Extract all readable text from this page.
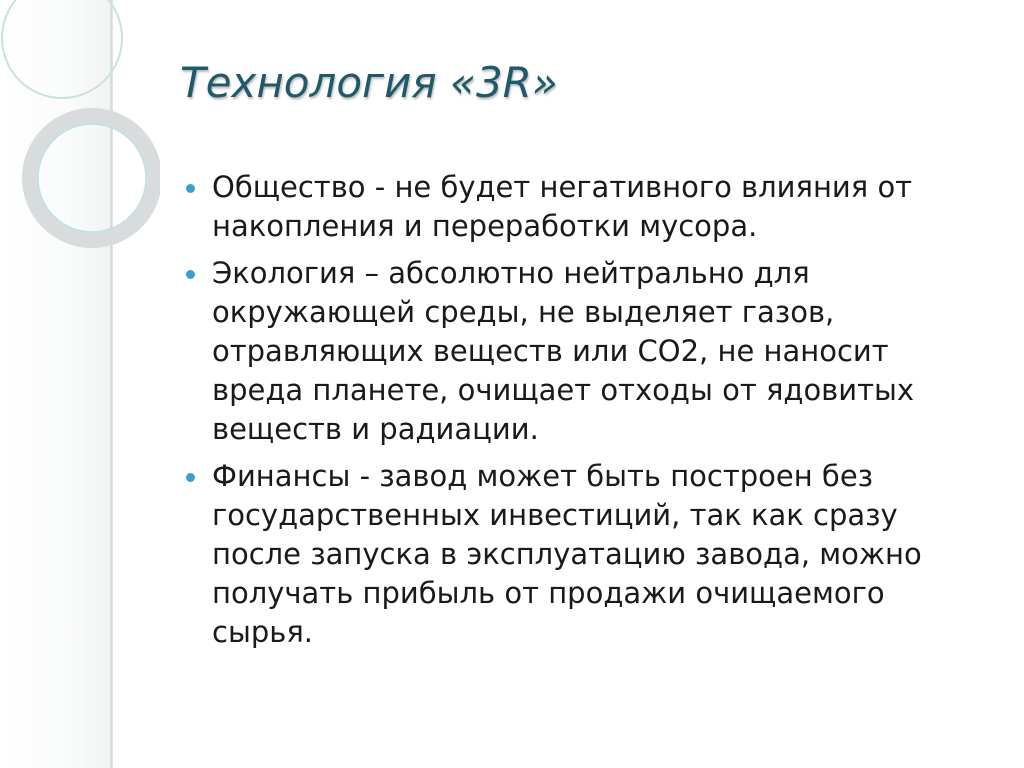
Технология «3R»
Общество - не будет негативного влияния от накопления и переработки мусора.
Экология – абсолютно нейтрально для окружающей среды, не выделяет газов, отравляющих веществ или СО2, не наносит вреда планете, очищает отходы от ядовитых веществ и радиации.
Финансы - завод может быть построен без государственных инвестиций, так как сразу после запуска в эксплуатацию завода, можно получать прибыль от продажи очищаемого сырья.
